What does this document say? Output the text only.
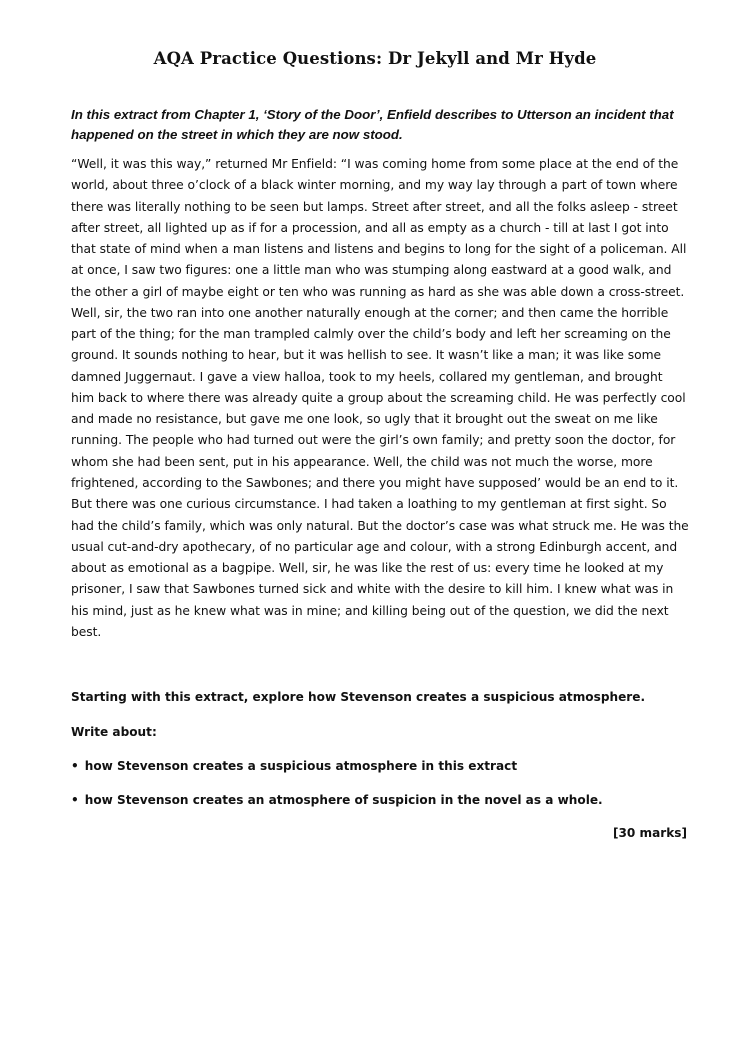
AQA Practice Questions: Dr Jekyll and Mr Hyde

In this extract from Chapter 1, ‘Story of the Door’, Enfield describes to Utterson an incident that happened on the street in which they are now stood.

“Well, it was this way,” returned Mr Enfield: “I was coming home from some place at the end of the
world, about three o’clock of a black winter morning, and my way lay through a part of town where
there was literally nothing to be seen but lamps. Street after street, and all the folks asleep - street
after street, all lighted up as if for a procession, and all as empty as a church - till at last I got into
that state of mind when a man listens and listens and begins to long for the sight of a policeman. All
at once, I saw two figures: one a little man who was stumping along eastward at a good walk, and
the other a girl of maybe eight or ten who was running as hard as she was able down a cross-street.
Well, sir, the two ran into one another naturally enough at the corner; and then came the horrible
part of the thing; for the man trampled calmly over the child’s body and left her screaming on the
ground. It sounds nothing to hear, but it was hellish to see. It wasn’t like a man; it was like some
damned Juggernaut. I gave a view halloa, took to my heels, collared my gentleman, and brought
him back to where there was already quite a group about the screaming child. He was perfectly cool
and made no resistance, but gave me one look, so ugly that it brought out the sweat on me like
running. The people who had turned out were the girl’s own family; and pretty soon the doctor, for
whom she had been sent, put in his appearance. Well, the child was not much the worse, more
frightened, according to the Sawbones; and there you might have supposed’ would be an end to it.
But there was one curious circumstance. I had taken a loathing to my gentleman at first sight. So
had the child’s family, which was only natural. But the doctor’s case was what struck me. He was the
usual cut-and-dry apothecary, of no particular age and colour, with a strong Edinburgh accent, and
about as emotional as a bagpipe. Well, sir, he was like the rest of us: every time he looked at my
prisoner, I saw that Sawbones turned sick and white with the desire to kill him. I knew what was in
his mind, just as he knew what was in mine; and killing being out of the question, we did the next
best.

Starting with this extract, explore how Stevenson creates a suspicious atmosphere.

Write about:

• how Stevenson creates a suspicious atmosphere in this extract

• how Stevenson creates an atmosphere of suspicion in the novel as a whole.

[30 marks]
